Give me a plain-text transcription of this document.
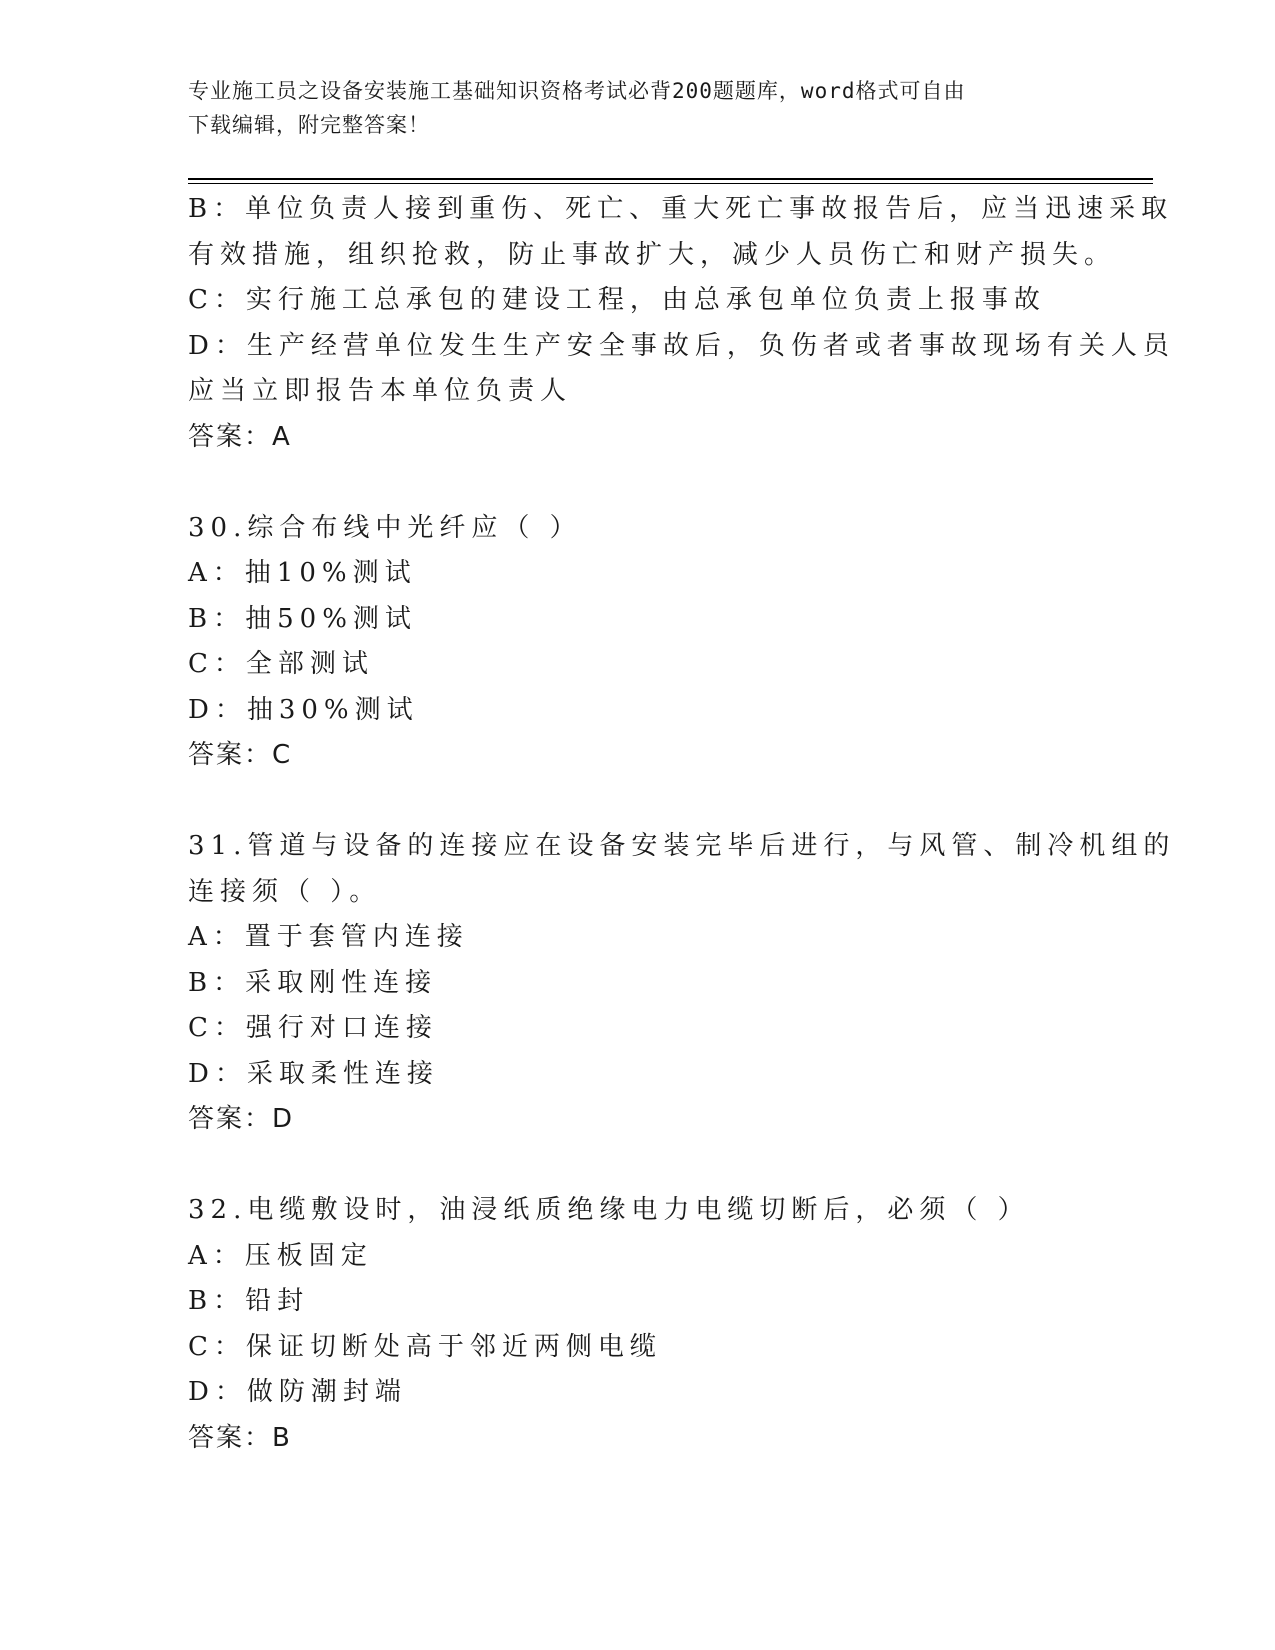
专业施工员之设备安装施工基础知识资格考试必背200题题库，word格式可自由
下载编辑，附完整答案！
B：单位负责人接到重伤、死亡、重大死亡事故报告后，应当迅速采取
有效措施，组织抢救，防止事故扩大，减少人员伤亡和财产损失。
C：实行施工总承包的建设工程，由总承包单位负责上报事故
D：生产经营单位发生生产安全事故后，负伤者或者事故现场有关人员
应当立即报告本单位负责人
答案：A
30.综合布线中光纤应（ ）
A：抽10%测试
B：抽50%测试
C：全部测试
D：抽30%测试
答案：C
31.管道与设备的连接应在设备安装完毕后进行，与风管、制冷机组的
连接须（ ）。
A：置于套管内连接
B：采取刚性连接
C：强行对口连接
D：采取柔性连接
答案：D
32.电缆敷设时，油浸纸质绝缘电力电缆切断后，必须（ ）
A：压板固定
B：铅封
C：保证切断处高于邻近两侧电缆
D：做防潮封端
答案：B
